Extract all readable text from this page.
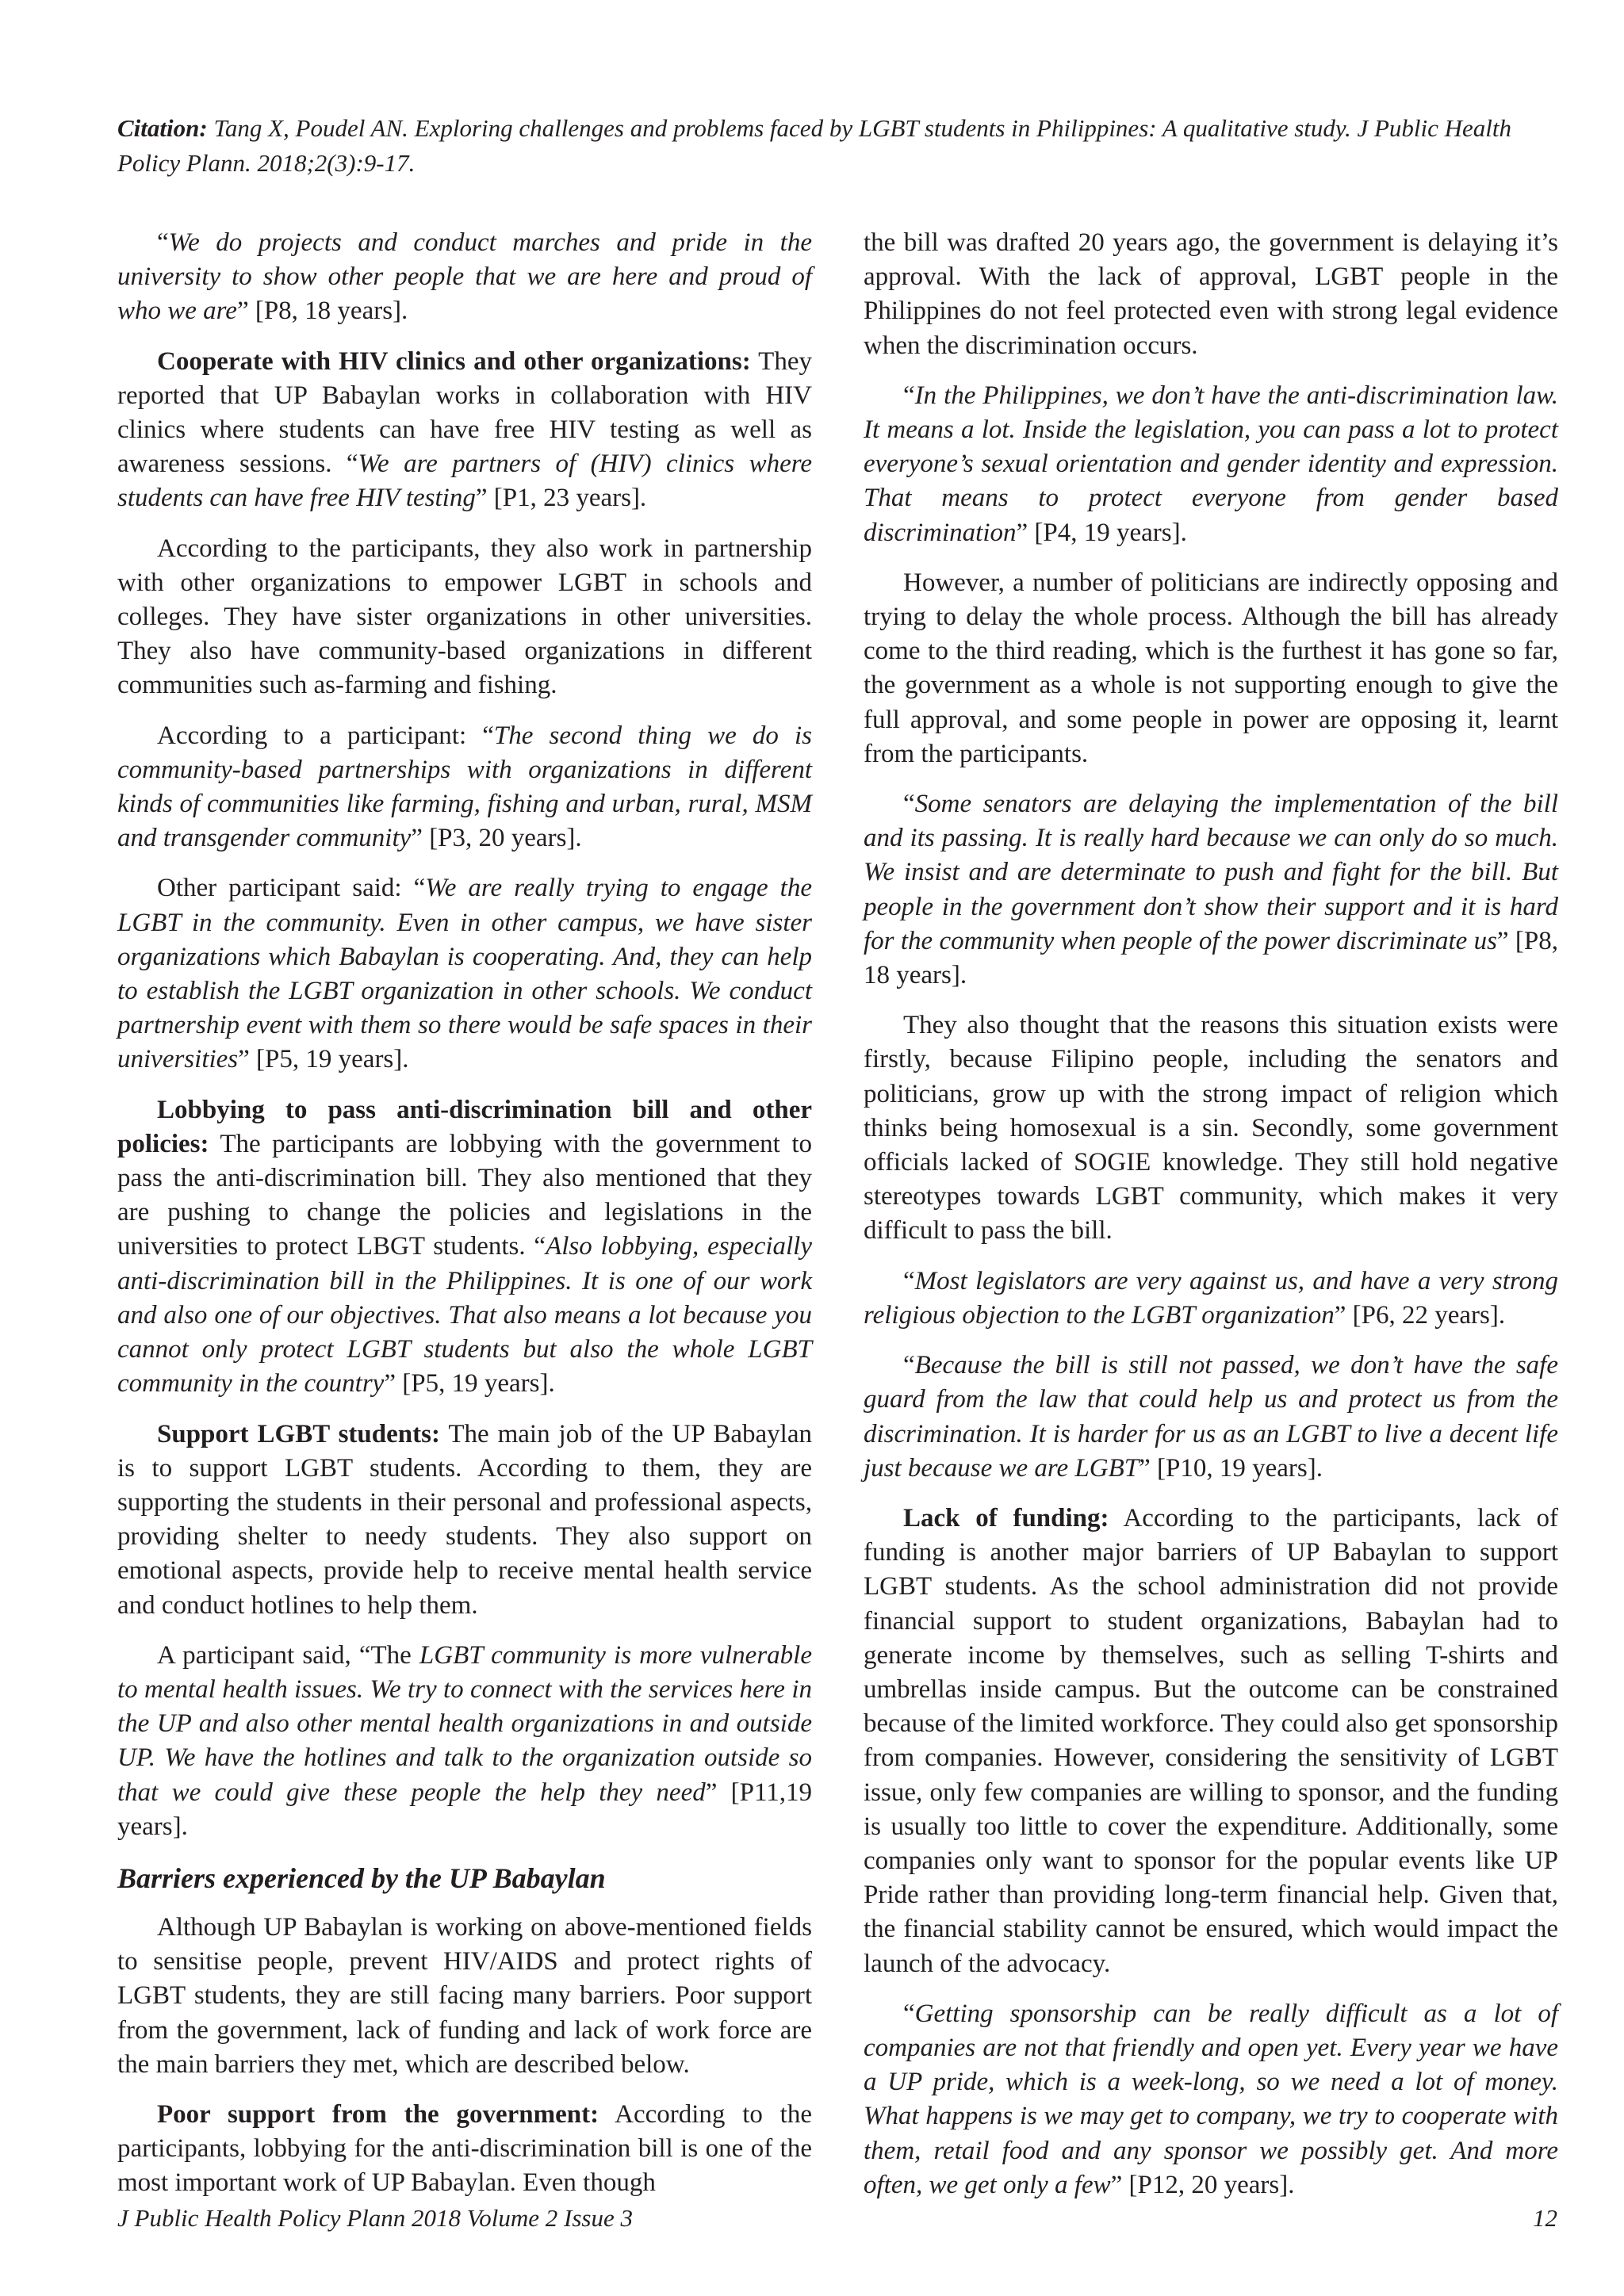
Citation: Tang X, Poudel AN. Exploring challenges and problems faced by LGBT students in Philippines: A qualitative study. J Public Health Policy Plann. 2018;2(3):9-17.

“We do projects and conduct marches and pride in the university to show other people that we are here and proud of who we are” [P8, 18 years].

Cooperate with HIV clinics and other organizations: They reported that UP Babaylan works in collaboration with HIV clinics where students can have free HIV testing as well as awareness sessions. “We are partners of (HIV) clinics where students can have free HIV testing” [P1, 23 years].

According to the participants, they also work in partnership with other organizations to empower LGBT in schools and colleges. They have sister organizations in other universities. They also have community-based organizations in different communities such as-farming and fishing.

According to a participant: “The second thing we do is community-based partnerships with organizations in different kinds of communities like farming, fishing and urban, rural, MSM and transgender community” [P3, 20 years].

Other participant said: “We are really trying to engage the LGBT in the community. Even in other campus, we have sister organizations which Babaylan is cooperating. And, they can help to establish the LGBT organization in other schools. We conduct partnership event with them so there would be safe spaces in their universities” [P5, 19 years].

Lobbying to pass anti-discrimination bill and other policies: The participants are lobbying with the government to pass the anti-discrimination bill. They also mentioned that they are pushing to change the policies and legislations in the universities to protect LBGT students. “Also lobbying, especially anti-discrimination bill in the Philippines. It is one of our work and also one of our objectives. That also means a lot because you cannot only protect LGBT students but also the whole LGBT community in the country” [P5, 19 years].

Support LGBT students: The main job of the UP Babaylan is to support LGBT students. According to them, they are supporting the students in their personal and professional aspects, providing shelter to needy students. They also support on emotional aspects, provide help to receive mental health service and conduct hotlines to help them.

A participant said, “The LGBT community is more vulnerable to mental health issues. We try to connect with the services here in the UP and also other mental health organizations in and outside UP. We have the hotlines and talk to the organization outside so that we could give these people the help they need” [P11,19 years].

Barriers experienced by the UP Babaylan

Although UP Babaylan is working on above-mentioned fields to sensitise people, prevent HIV/AIDS and protect rights of LGBT students, they are still facing many barriers. Poor support from the government, lack of funding and lack of work force are the main barriers they met, which are described below.

Poor support from the government: According to the participants, lobbying for the anti-discrimination bill is one of the most important work of UP Babaylan. Even though

the bill was drafted 20 years ago, the government is delaying it’s approval. With the lack of approval, LGBT people in the Philippines do not feel protected even with strong legal evidence when the discrimination occurs.

“In the Philippines, we don’t have the anti-discrimination law. It means a lot. Inside the legislation, you can pass a lot to protect everyone’s sexual orientation and gender identity and expression. That means to protect everyone from gender based discrimination” [P4, 19 years].

However, a number of politicians are indirectly opposing and trying to delay the whole process. Although the bill has already come to the third reading, which is the furthest it has gone so far, the government as a whole is not supporting enough to give the full approval, and some people in power are opposing it, learnt from the participants.

“Some senators are delaying the implementation of the bill and its passing. It is really hard because we can only do so much. We insist and are determinate to push and fight for the bill. But people in the government don’t show their support and it is hard for the community when people of the power discriminate us” [P8, 18 years].

They also thought that the reasons this situation exists were firstly, because Filipino people, including the senators and politicians, grow up with the strong impact of religion which thinks being homosexual is a sin. Secondly, some government officials lacked of SOGIE knowledge. They still hold negative stereotypes towards LGBT community, which makes it very difficult to pass the bill.

“Most legislators are very against us, and have a very strong religious objection to the LGBT organization” [P6, 22 years].

“Because the bill is still not passed, we don’t have the safe guard from the law that could help us and protect us from the discrimination. It is harder for us as an LGBT to live a decent life just because we are LGBT” [P10, 19 years].

Lack of funding: According to the participants, lack of funding is another major barriers of UP Babaylan to support LGBT students. As the school administration did not provide financial support to student organizations, Babaylan had to generate income by themselves, such as selling T-shirts and umbrellas inside campus. But the outcome can be constrained because of the limited workforce. They could also get sponsorship from companies. However, considering the sensitivity of LGBT issue, only few companies are willing to sponsor, and the funding is usually too little to cover the expenditure. Additionally, some companies only want to sponsor for the popular events like UP Pride rather than providing long-term financial help. Given that, the financial stability cannot be ensured, which would impact the launch of the advocacy.

“Getting sponsorship can be really difficult as a lot of companies are not that friendly and open yet. Every year we have a UP pride, which is a week-long, so we need a lot of money. What happens is we may get to company, we try to cooperate with them, retail food and any sponsor we possibly get. And more often, we get only a few” [P12, 20 years].

J Public Health Policy Plann 2018 Volume 2 Issue 3	12
